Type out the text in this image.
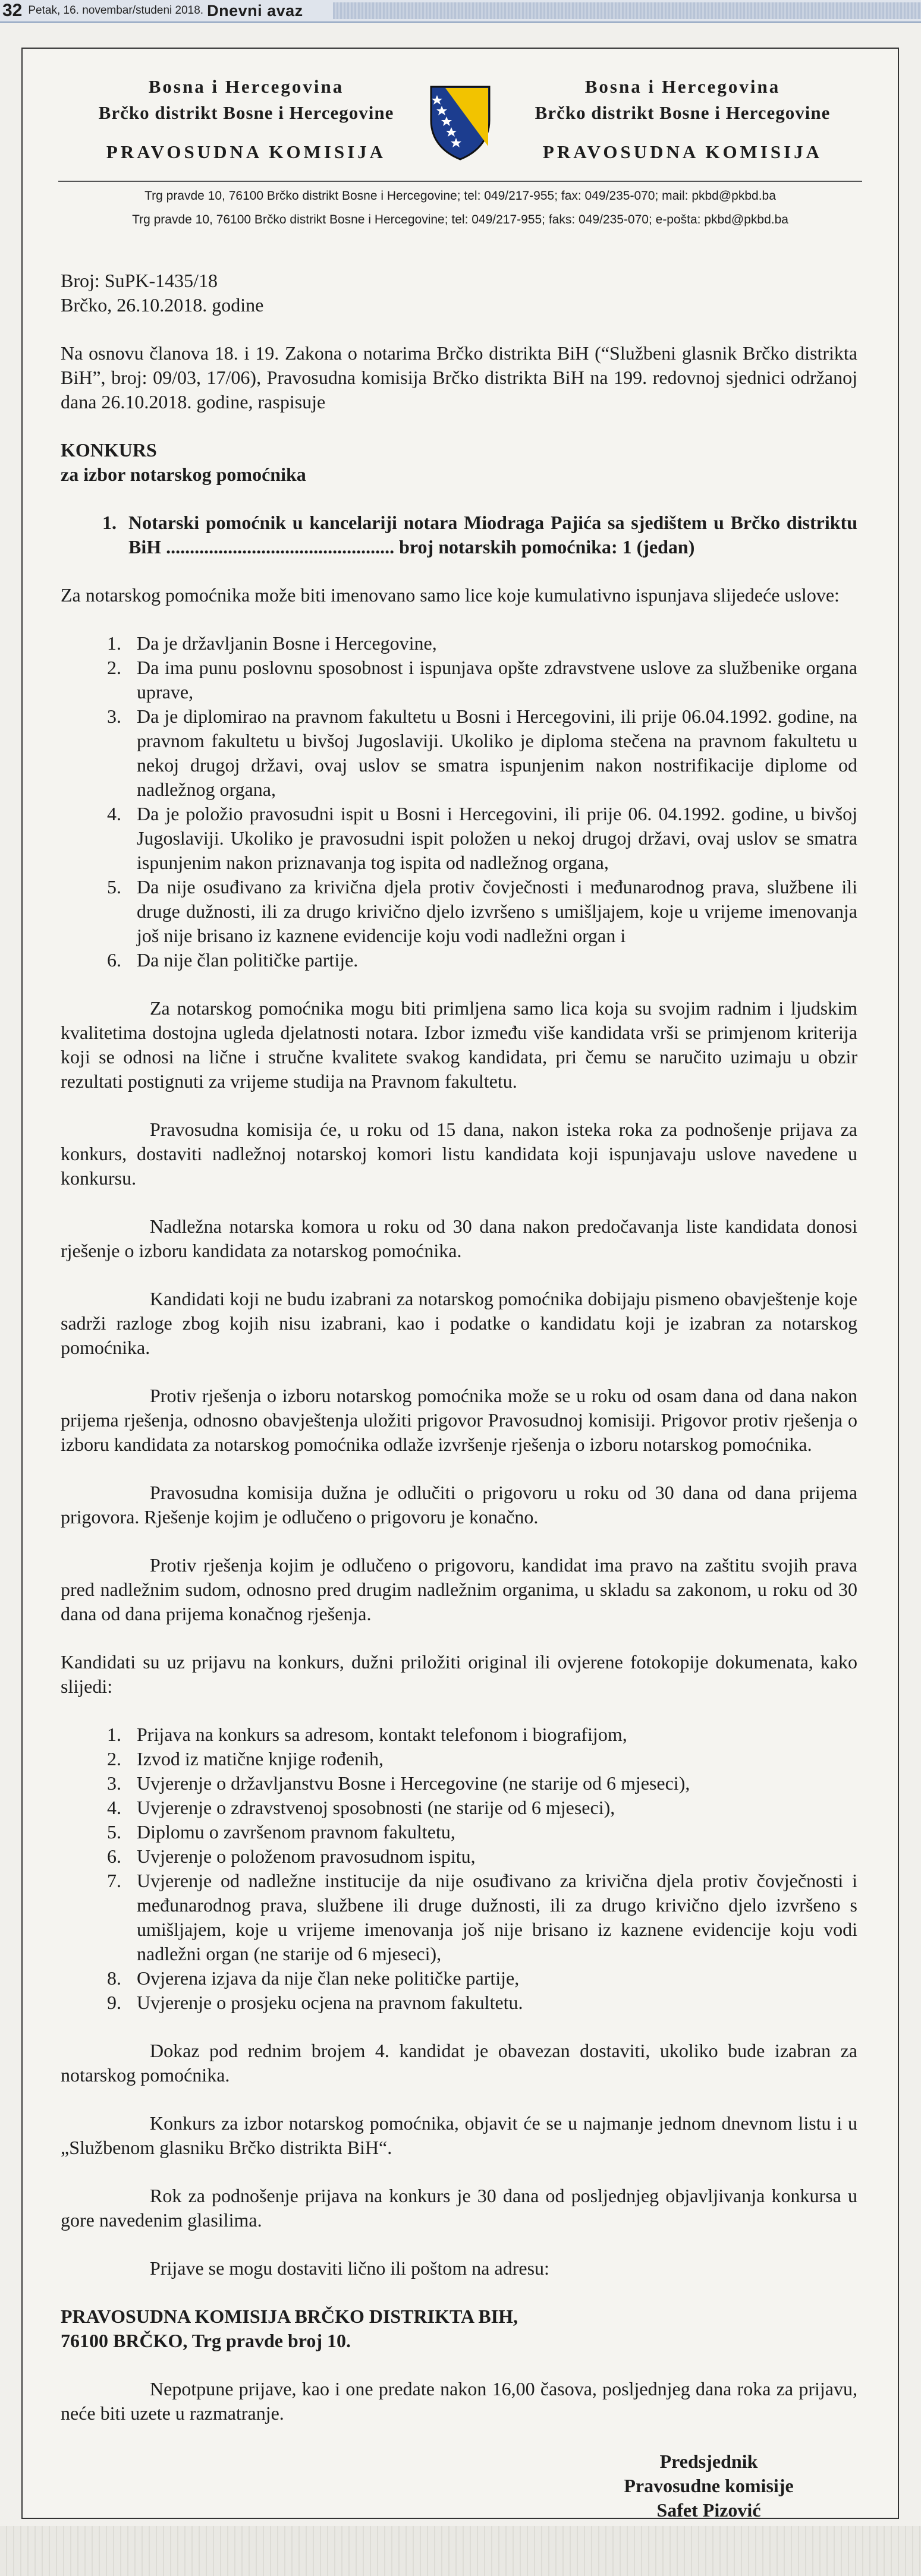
32 Petak, 16. novembar/studeni 2018. Dnevni avaz
Bosna i Hercegovina
Brčko distrikt Bosne i Hercegovine
PRAVOSUDNA KOMISIJA
Bosna i Hercegovina
Brčko distrikt Bosne i Hercegovine
PRAVOSUDNA KOMISIJA
Trg pravde 10, 76100 Brčko distrikt Bosne i Hercegovine; tel: 049/217-955; fax: 049/235-070; mail: pkbd@pkbd.ba
Trg pravde 10, 76100 Brčko distrikt Bosne i Hercegovine; tel: 049/217-955; faks: 049/235-070; e-pošta: pkbd@pkbd.ba

Broj: SuPK-1435/18

Brčko, 26.10.2018. godine

Na osnovu članova 18. i 19. Zakona o notarima Brčko distrikta BiH (“Službeni glasnik Brčko distrikta BiH”, broj: 09/03, 17/06), Pravosudna komisija Brčko distrikta BiH na 199. redovnoj sjednici održanoj dana 26.10.2018. godine, raspisuje

KONKURS

za izbor notarskog pomoćnika

1. Notarski pomoćnik u kancelariji notara Miodraga Pajića sa sjedištem u Brčko distriktu BiH ................................................ broj notarskih pomoćnika: 1 (jedan)

Za notarskog pomoćnika može biti imenovano samo lice koje kumulativno ispunjava slijedeće uslove:

1. Da je državljanin Bosne i Hercegovine,
2. Da ima punu poslovnu sposobnost i ispunjava opšte zdravstvene uslove za službenike organa uprave,
3. Da je diplomirao na pravnom fakultetu u Bosni i Hercegovini, ili prije 06.04.1992. godine, na pravnom fakultetu u bivšoj Jugoslaviji. Ukoliko je diploma stečena na pravnom fakultetu u nekoj drugoj državi, ovaj uslov se smatra ispunjenim nakon nostrifikacije diplome od nadležnog organa,
4. Da je položio pravosudni ispit u Bosni i Hercegovini, ili prije 06. 04.1992. godine, u bivšoj Jugoslaviji. Ukoliko je pravosudni ispit položen u nekoj drugoj državi, ovaj uslov se smatra ispunjenim nakon priznavanja tog ispita od nadležnog organa,
5. Da nije osuđivano za krivična djela protiv čovječnosti i međunarodnog prava, službene ili druge dužnosti, ili za drugo krivično djelo izvršeno s umišljajem, koje u vrijeme imenovanja još nije brisano iz kaznene evidencije koju vodi nadležni organ i
6. Da nije član političke partije.

Za notarskog pomoćnika mogu biti primljena samo lica koja su svojim radnim i ljudskim kvalitetima dostojna ugleda djelatnosti notara. Izbor između više kandidata vrši se primjenom kriterija koji se odnosi na lične i stručne kvalitete svakog kandidata, pri čemu se naručito uzimaju u obzir rezultati postignuti za vrijeme studija na Pravnom fakultetu.

Pravosudna komisija će, u roku od 15 dana, nakon isteka roka za podnošenje prijava za konkurs, dostaviti nadležnoj notarskoj komori listu kandidata koji ispunjavaju uslove navedene u konkursu.

Nadležna notarska komora u roku od 30 dana nakon predočavanja liste kandidata donosi rješenje o izboru kandidata za notarskog pomoćnika.

Kandidati koji ne budu izabrani za notarskog pomoćnika dobijaju pismeno obavještenje koje sadrži razloge zbog kojih nisu izabrani, kao i podatke o kandidatu koji je izabran za notarskog pomoćnika.

Protiv rješenja o izboru notarskog pomoćnika može se u roku od osam dana od dana nakon prijema rješenja, odnosno obavještenja uložiti prigovor Pravosudnoj komisiji. Prigovor protiv rješenja o izboru kandidata za notarskog pomoćnika odlaže izvršenje rješenja o izboru notarskog pomoćnika.

Pravosudna komisija dužna je odlučiti o prigovoru u roku od 30 dana od dana prijema prigovora. Rješenje kojim je odlučeno o prigovoru je konačno.

Protiv rješenja kojim je odlučeno o prigovoru, kandidat ima pravo na zaštitu svojih prava pred nadležnim sudom, odnosno pred drugim nadležnim organima, u skladu sa zakonom, u roku od 30 dana od dana prijema konačnog rješenja.

Kandidati su uz prijavu na konkurs, dužni priložiti original ili ovjerene fotokopije dokumenata, kako slijedi:

1. Prijava na konkurs sa adresom, kontakt telefonom i biografijom,
2. Izvod iz matične knjige rođenih,
3. Uvjerenje o državljanstvu Bosne i Hercegovine (ne starije od 6 mjeseci),
4. Uvjerenje o zdravstvenoj sposobnosti (ne starije od 6 mjeseci),
5. Diplomu o završenom pravnom fakultetu,
6. Uvjerenje o položenom pravosudnom ispitu,
7. Uvjerenje od nadležne institucije da nije osuđivano za krivična djela protiv čovječnosti i međunarodnog prava, službene ili druge dužnosti, ili za drugo krivično djelo izvršeno s umišljajem, koje u vrijeme imenovanja još nije brisano iz kaznene evidencije koju vodi nadležni organ (ne starije od 6 mjeseci),
8. Ovjerena izjava da nije član neke političke partije,
9. Uvjerenje o prosjeku ocjena na pravnom fakultetu.

Dokaz pod rednim brojem 4. kandidat je obavezan dostaviti, ukoliko bude izabran za notarskog pomoćnika.

Konkurs za izbor notarskog pomoćnika, objavit će se u najmanje jednom dnevnom listu i u „Službenom glasniku Brčko distrikta BiH“.

Rok za podnošenje prijava na konkurs je 30 dana od posljednjeg objavljivanja konkursa u gore navedenim glasilima.

Prijave se mogu dostaviti lično ili poštom na adresu:

PRAVOSUDNA KOMISIJA BRČKO DISTRIKTA BIH,

76100 BRČKO, Trg pravde broj 10.

Nepotpune prijave, kao i one predate nakon 16,00 časova, posljednjeg dana roka za prijavu, neće biti uzete u razmatranje.

Predsjednik
Pravosudne komisije
Safet Pizović
